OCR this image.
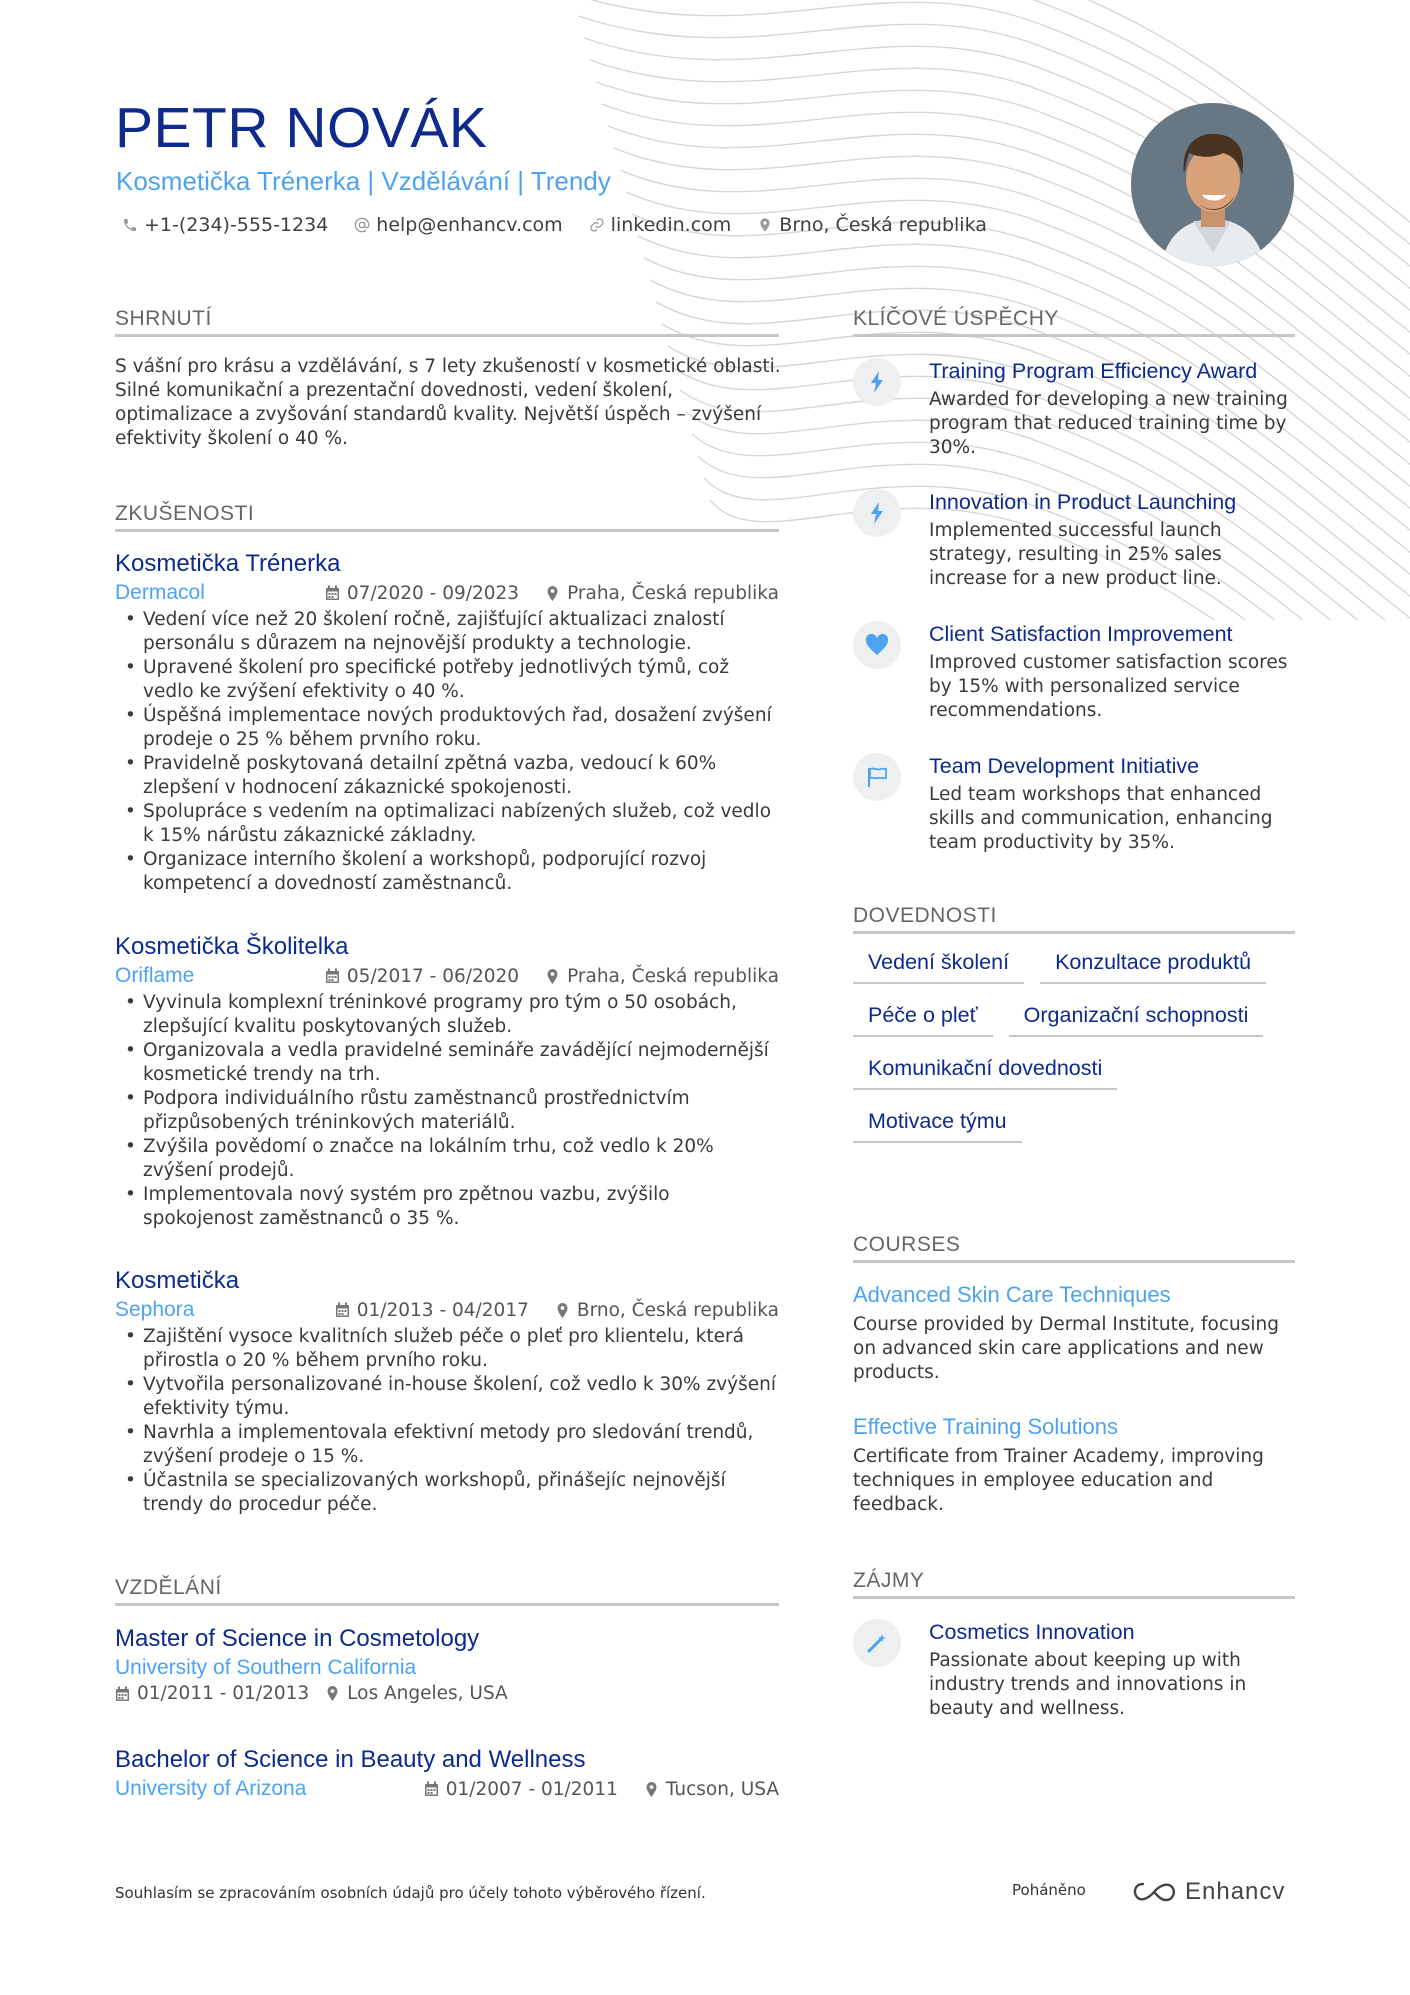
PETR NOVÁK
Kosmetička Trénerka | Vzdělávání | Trendy
+1-(234)-555-1234	help@enhancv.com	linkedin.com	Brno, Česká republika
SHRNUTÍ

S vášní pro krásu a vzdělávání, s 7 lety zkušeností v kosmetické oblasti. Silné komunikační a prezentační dovednosti, vedení školení, optimalizace a zvyšování standardů kvality. Největší úspěch – zvýšení efektivity školení o 40 %.

ZKUŠENOSTI
Kosmetička Trénerka
Dermacol	07/2020 - 09/2023	Praha, Česká republika
• Vedení více než 20 školení ročně, zajišťující aktualizaci znalostí personálu s důrazem na nejnovější produkty a technologie.
• Upravené školení pro specifické potřeby jednotlivých týmů, což vedlo ke zvýšení efektivity o 40 %.
• Úspěšná implementace nových produktových řad, dosažení zvýšení prodeje o 25 % během prvního roku.
• Pravidelně poskytovaná detailní zpětná vazba, vedoucí k 60% zlepšení v hodnocení zákaznické spokojenosti.
• Spolupráce s vedením na optimalizaci nabízených služeb, což vedlo k 15% nárůstu zákaznické základny.
• Organizace interního školení a workshopů, podporující rozvoj kompetencí a dovedností zaměstnanců.
Kosmetička Školitelka
Oriflame	05/2017 - 06/2020	Praha, Česká republika
• Vyvinula komplexní tréninkové programy pro tým o 50 osobách, zlepšující kvalitu poskytovaných služeb.
• Organizovala a vedla pravidelné semináře zavádějící nejmodernější kosmetické trendy na trh.
• Podpora individuálního růstu zaměstnanců prostřednictvím přizpůsobených tréninkových materiálů.
• Zvýšila povědomí o značce na lokálním trhu, což vedlo k 20% zvýšení prodejů.
• Implementovala nový systém pro zpětnou vazbu, zvýšilo spokojenost zaměstnanců o 35 %.
Kosmetička
Sephora	01/2013 - 04/2017	Brno, Česká republika
• Zajištění vysoce kvalitních služeb péče o pleť pro klientelu, která přirostla o 20 % během prvního roku.
• Vytvořila personalizované in-house školení, což vedlo k 30% zvýšení efektivity týmu.
• Navrhla a implementovala efektivní metody pro sledování trendů, zvýšení prodeje o 15 %.
• Účastnila se specializovaných workshopů, přinášejíc nejnovější trendy do procedur péče.
VZDĚLÁNÍ
Master of Science in Cosmetology
University of Southern California
01/2011 - 01/2013 Los Angeles, USA
Bachelor of Science in Beauty and Wellness
University of Arizona	01/2007 - 01/2011	Tucson, USA
KLÍČOVÉ ÚSPĚCHY
Training Program Efficiency Award
Awarded for developing a new training program that reduced training time by 30%.
Innovation in Product Launching
Implemented successful launch strategy, resulting in 25% sales increase for a new product line.
Client Satisfaction Improvement
Improved customer satisfaction scores by 15% with personalized service recommendations.
Team Development Initiative
Led team workshops that enhanced skills and communication, enhancing team productivity by 35%.
DOVEDNOSTI
Vedení školení	Konzultace produktů
Péče o pleť	Organizační schopnosti
Komunikační dovednosti
Motivace týmu
COURSES
Advanced Skin Care Techniques

Course provided by Dermal Institute, focusing on advanced skin care applications and new products.

Effective Training Solutions

Certificate from Trainer Academy, improving techniques in employee education and feedback.

ZÁJMY
Cosmetics Innovation
Passionate about keeping up with industry trends and innovations in beauty and wellness.
Souhlasím se zpracováním osobních údajů pro účely tohoto výběrového řízení.	Poháněno	Enhancv
